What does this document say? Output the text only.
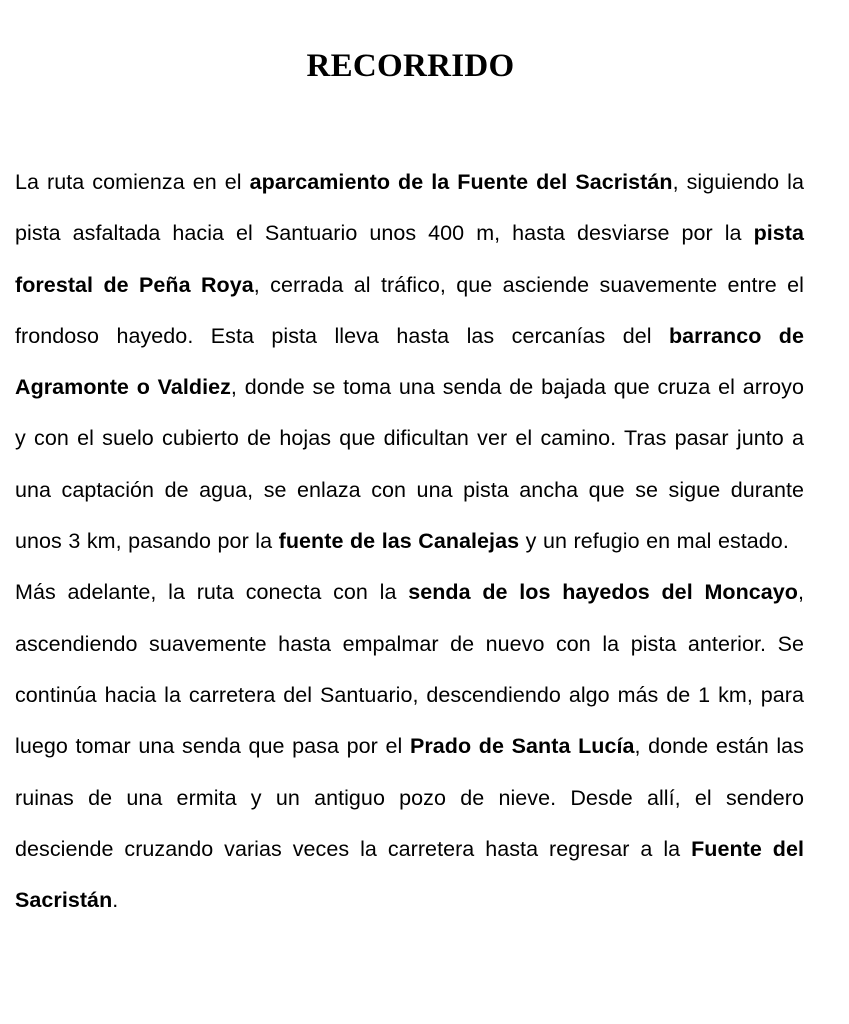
RECORRIDO

La ruta comienza en el aparcamiento de la Fuente del Sacristán, siguiendo la pista asfaltada hacia el Santuario unos 400 m, hasta desviarse por la pista forestal de Peña Roya, cerrada al tráfico, que asciende suavemente entre el frondoso hayedo. Esta pista lleva hasta las cercanías del barranco de Agramonte o Valdiez, donde se toma una senda de bajada que cruza el arroyo y con el suelo cubierto de hojas que dificultan ver el camino. Tras pasar junto a una captación de agua, se enlaza con una pista ancha que se sigue durante unos 3 km, pasando por la fuente de las Canalejas y un refugio en mal estado.

Más adelante, la ruta conecta con la senda de los hayedos del Moncayo, ascendiendo suavemente hasta empalmar de nuevo con la pista anterior. Se continúa hacia la carretera del Santuario, descendiendo algo más de 1 km, para luego tomar una senda que pasa por el Prado de Santa Lucía, donde están las ruinas de una ermita y un antiguo pozo de nieve. Desde allí, el sendero desciende cruzando varias veces la carretera hasta regresar a la Fuente del Sacristán.
